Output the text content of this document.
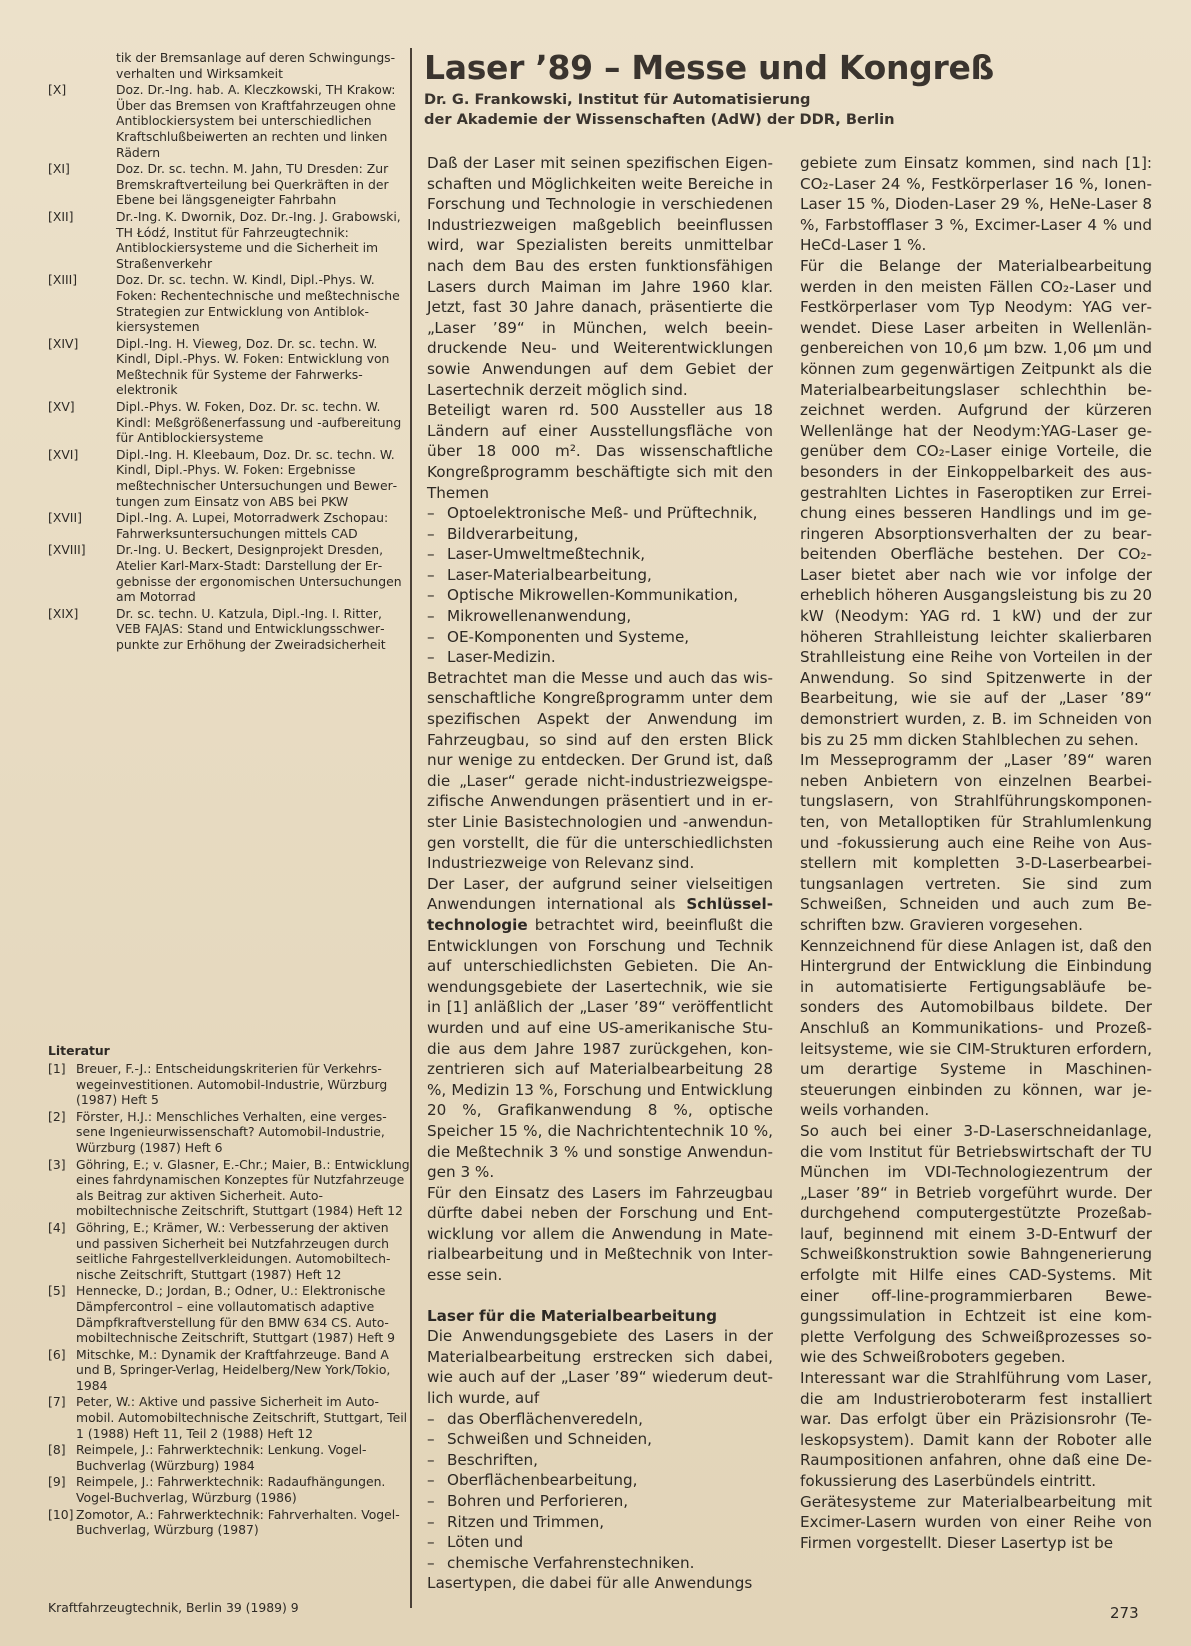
tik der Bremsanlage auf deren Schwingungsverhalten und Wirksamkeit
[X]	Doz. Dr.-Ing. hab. A. Kleczkowski, TH Krakow: Über das Bremsen von Kraftfahrzeugen ohne Antiblockiersystem bei unterschiedlichen Kraftschlußbeiwerten an rechten und linken Rädern
[XI]	Doz. Dr. sc. techn. M. Jahn, TU Dresden: Zur Bremskraftverteilung bei Querkräften in der Ebene bei längsgeneigter Fahrbahn
[XII]	Dr.-Ing. K. Dwornik, Doz. Dr.-Ing. J. Grabowski, TH Łódź, Institut für Fahrzeugtechnik: Antiblockiersysteme und die Sicherheit im Straßenverkehr
[XIII]	Doz. Dr. sc. techn. W. Kindl, Dipl.-Phys. W. Foken: Rechentechnische und meßtechnische Strategien zur Entwicklung von Antiblokkiersystemen
[XIV]	Dipl.-Ing. H. Vieweg, Doz. Dr. sc. techn. W. Kindl, Dipl.-Phys. W. Foken: Entwicklung von Meßtechnik für Systeme der Fahrwerkselektronik
[XV]	Dipl.-Phys. W. Foken, Doz. Dr. sc. techn. W. Kindl: Meßgrößenerfassung und -aufbereitung für Antiblockiersysteme
[XVI]	Dipl.-Ing. H. Kleebaum, Doz. Dr. sc. techn. W. Kindl, Dipl.-Phys. W. Foken: Ergebnisse meßtechnischer Untersuchungen und Bewertungen zum Einsatz von ABS bei PKW
[XVII]	Dipl.-Ing. A. Lupei, Motorradwerk Zschopau: Fahrwerksuntersuchungen mittels CAD
[XVIII]	Dr.-Ing. U. Beckert, Designprojekt Dresden, Atelier Karl-Marx-Stadt: Darstellung der Ergebnisse der ergonomischen Untersuchungen am Motorrad
[XIX]	Dr. sc. techn. U. Katzula, Dipl.-Ing. I. Ritter, VEB FAJAS: Stand und Entwicklungsschwerpunkte zur Erhöhung der Zweiradsicherheit
Literatur
[1] Breuer, F.-J.: Entscheidungskriterien für Verkehrswegeinvestitionen. Automobil-Industrie, Würzburg (1987) Heft 5
[2] Förster, H.J.: Menschliches Verhalten, eine vergessene Ingenieurwissenschaft? Automobil-Industrie, Würzburg (1987) Heft 6
[3] Göhring, E.; v. Glasner, E.-Chr.; Maier, B.: Entwicklung eines fahrdynamischen Konzeptes für Nutzfahrzeuge als Beitrag zur aktiven Sicherheit. Automobiltechnische Zeitschrift, Stuttgart (1984) Heft 12
[4] Göhring, E.; Krämer, W.: Verbesserung der aktiven und passiven Sicherheit bei Nutzfahrzeugen durch seitliche Fahrgestellverkleidungen. Automobiltechnische Zeitschrift, Stuttgart (1987) Heft 12
[5] Hennecke, D.; Jordan, B.; Odner, U.: Elektronische Dämpfercontrol – eine vollautomatisch adaptive Dämpfkraftverstellung für den BMW 634 CS. Automobiltechnische Zeitschrift, Stuttgart (1987) Heft 9
[6] Mitschke, M.: Dynamik der Kraftfahrzeuge. Band A und B, Springer-Verlag, Heidelberg/New York/Tokio, 1984
[7] Peter, W.: Aktive und passive Sicherheit im Automobil. Automobiltechnische Zeitschrift, Stuttgart, Teil 1 (1988) Heft 11, Teil 2 (1988) Heft 12
[8] Reimpele, J.: Fahrwerktechnik: Lenkung. Vogel-Buchverlag (Würzburg) 1984
[9] Reimpele, J.: Fahrwerktechnik: Radaufhängungen. Vogel-Buchverlag, Würzburg (1986)
[10] Zomotor, A.: Fahrwerktechnik: Fahrverhalten. Vogel-Buchverlag, Würzburg (1987)
Kraftfahrzeugtechnik, Berlin 39 (1989) 9
Laser ’89 – Messe und Kongreß
Dr. G. Frankowski, Institut für Automatisierung
der Akademie der Wissenschaften (AdW) der DDR, Berlin

Daß der Laser mit seinen spezifischen Eigenschaften und Möglichkeiten weite Bereiche in Forschung und Technologie in verschiedenen Industriezweigen maßgeblich beeinflussen wird, war Spezialisten bereits unmittelbar nach dem Bau des ersten funktionsfähigen Lasers durch Maiman im Jahre 1960 klar. Jetzt, fast 30 Jahre danach, präsentierte die „Laser ’89“ in München, welch beeindruckende Neu- und Weiterentwicklungen sowie Anwendungen auf dem Gebiet der Lasertechnik derzeit möglich sind.

Beteiligt waren rd. 500 Aussteller aus 18 Ländern auf einer Ausstellungsfläche von über 18 000 m². Das wissenschaftliche Kongreßprogramm beschäftigte sich mit den Themen

– Optoelektronische Meß- und Prüftechnik,
– Bildverarbeitung,
– Laser-Umweltmeßtechnik,
– Laser-Materialbearbeitung,
– Optische Mikrowellen-Kommunikation,
– Mikrowellenanwendung,
– OE-Komponenten und Systeme,
– Laser-Medizin.

Betrachtet man die Messe und auch das wissenschaftliche Kongreßprogramm unter dem spezifischen Aspekt der Anwendung im Fahrzeugbau, so sind auf den ersten Blick nur wenige zu entdecken. Der Grund ist, daß die „Laser“ gerade nicht-industriezweigspezifische Anwendungen präsentiert und in erster Linie Basistechnologien und -anwendungen vorstellt, die für die unterschiedlichsten Industriezweige von Relevanz sind.

Der Laser, der aufgrund seiner vielseitigen Anwendungen international als Schlüsseltechnologie betrachtet wird, beeinflußt die Entwicklungen von Forschung und Technik auf unterschiedlichsten Gebieten. Die Anwendungsgebiete der Lasertechnik, wie sie in [1] anläßlich der „Laser ’89“ veröffentlicht wurden und auf eine US-amerikanische Studie aus dem Jahre 1987 zurückgehen, konzentrieren sich auf Materialbearbeitung 28 %, Medizin 13 %, Forschung und Entwicklung 20 %, Grafikanwendung 8 %, optische Speicher 15 %, die Nachrichtentechnik 10 %, die Meßtechnik 3 % und sonstige Anwendungen 3 %.

Für den Einsatz des Lasers im Fahrzeugbau dürfte dabei neben der Forschung und Entwicklung vor allem die Anwendung in Materialbearbeitung und in Meßtechnik von Interesse sein.

Laser für die Materialbearbeitung

Die Anwendungsgebiete des Lasers in der Materialbearbeitung erstrecken sich dabei, wie auch auf der „Laser ’89“ wiederum deutlich wurde, auf

– das Oberflächenveredeln,
– Schweißen und Schneiden,
– Beschriften,
– Oberflächenbearbeitung,
– Bohren und Perforieren,
– Ritzen und Trimmen,
– Löten und
– chemische Verfahrenstechniken.

Lasertypen, die dabei für alle Anwendungs

gebiete zum Einsatz kommen, sind nach [1]: CO₂-Laser 24 %, Festkörperlaser 16 %, Ionen-Laser 15 %, Dioden-Laser 29 %, HeNe-Laser 8 %, Farbstofflaser 3 %, Excimer-Laser 4 % und HeCd-Laser 1 %.

Für die Belange der Materialbearbeitung werden in den meisten Fällen CO₂-Laser und Festkörperlaser vom Typ Neodym: YAG verwendet. Diese Laser arbeiten in Wellenlängenbereichen von 10,6 µm bzw. 1,06 µm und können zum gegenwärtigen Zeitpunkt als die Materialbearbeitungslaser schlechthin bezeichnet werden. Aufgrund der kürzeren Wellenlänge hat der Neodym:YAG-Laser gegenüber dem CO₂-Laser einige Vorteile, die besonders in der Einkoppelbarkeit des ausgestrahlten Lichtes in Faseroptiken zur Erreichung eines besseren Handlings und im geringeren Absorptionsverhalten der zu bearbeitenden Oberfläche bestehen. Der CO₂-Laser bietet aber nach wie vor infolge der erheblich höheren Ausgangsleistung bis zu 20 kW (Neodym: YAG rd. 1 kW) und der zur höheren Strahlleistung leichter skalierbaren Strahlleistung eine Reihe von Vorteilen in der Anwendung. So sind Spitzenwerte in der Bearbeitung, wie sie auf der „Laser ’89“ demonstriert wurden, z. B. im Schneiden von bis zu 25 mm dicken Stahlblechen zu sehen.

Im Messeprogramm der „Laser ’89“ waren neben Anbietern von einzelnen Bearbeitungslasern, von Strahlführungskomponenten, von Metalloptiken für Strahlumlenkung und -fokussierung auch eine Reihe von Ausstellern mit kompletten 3-D-Laserbearbeitungsanlagen vertreten. Sie sind zum Schweißen, Schneiden und auch zum Beschriften bzw. Gravieren vorgesehen.

Kennzeichnend für diese Anlagen ist, daß den Hintergrund der Entwicklung die Einbindung in automatisierte Fertigungsabläufe besonders des Automobilbaus bildete. Der Anschluß an Kommunikations- und Prozeßleitsysteme, wie sie CIM-Strukturen erfordern, um derartige Systeme in Maschinensteuerungen einbinden zu können, war jeweils vorhanden.

So auch bei einer 3-D-Laserschneidanlage, die vom Institut für Betriebswirtschaft der TU München im VDI-Technologiezentrum der „Laser ’89“ in Betrieb vorgeführt wurde. Der durchgehend computergestützte Prozeßablauf, beginnend mit einem 3-D-Entwurf der Schweißkonstruktion sowie Bahngenerierung erfolgte mit Hilfe eines CAD-Systems. Mit einer off-line-programmierbaren Bewegungssimulation in Echtzeit ist eine komplette Verfolgung des Schweißprozesses sowie des Schweißroboters gegeben.

Interessant war die Strahlführung vom Laser, die am Industrieroboterarm fest installiert war. Das erfolgt über ein Präzisionsrohr (Teleskopsystem). Damit kann der Roboter alle Raumpositionen anfahren, ohne daß eine Defokussierung des Laserbündels eintritt.

Gerätesysteme zur Materialbearbeitung mit Excimer-Lasern wurden von einer Reihe von Firmen vorgestellt. Dieser Lasertyp ist be

273
